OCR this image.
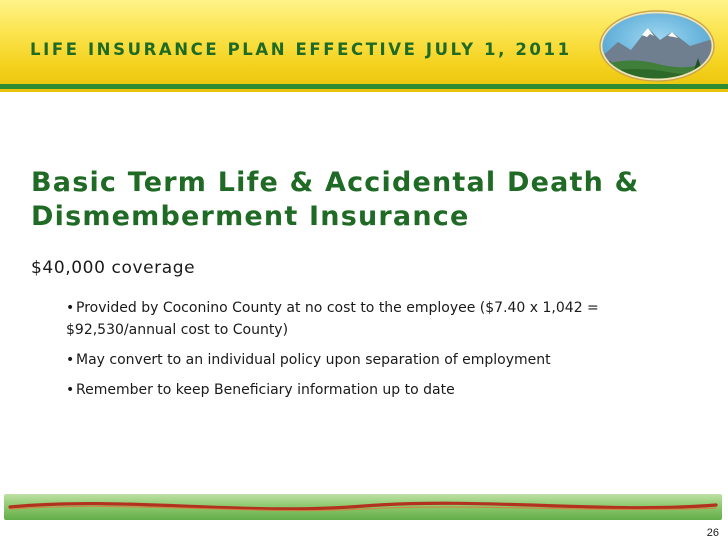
LIFE INSURANCE PLAN EFFECTIVE JULY 1, 2011
Basic Term Life & Accidental Death & Dismemberment Insurance
$40,000 coverage
• Provided by Coconino County at no cost to the employee ($7.40 x 1,042 = $92,530/annual cost to County)
• May convert to an individual policy upon separation of employment
• Remember to keep Beneficiary information up to date
26
